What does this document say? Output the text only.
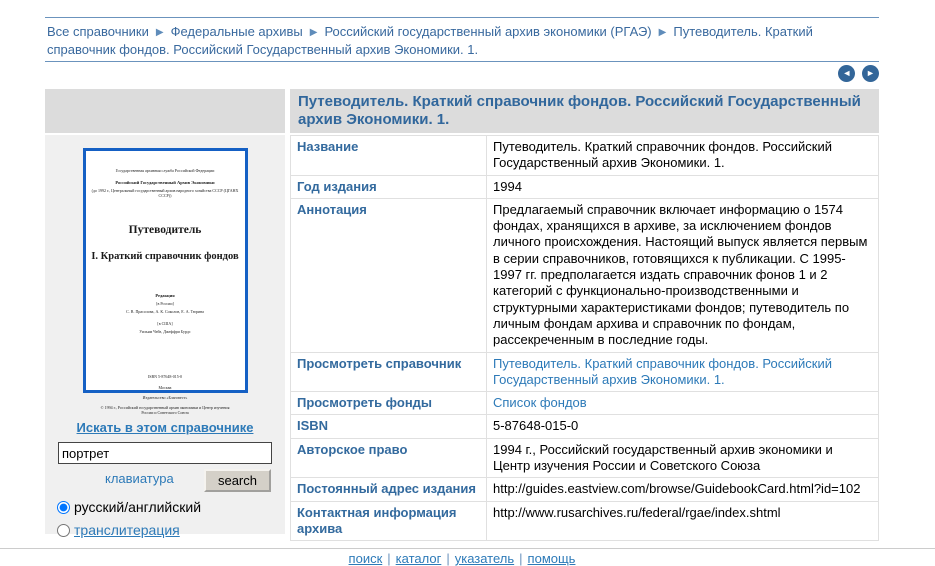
Все справочники ▶ Федеральные архивы ▶ Российский государственный архив экономики (РГАЭ) ▶ Путеводитель. Краткий справочник фондов. Российский Государственный архив Экономики. 1.
◄ ►
Государственная архивная служба Российской Федерации
Российский Государственный Архив Экономики
(до 1992 г., Центральный государственный архив народного хозяйства СССР (ЦГАНХ СССР))
Путеводитель
I. Краткий справочник фондов
Редакция
[в России]
С. В. Прасолова, А. К. Соколов, Е. А. Тюрина
[в США]
Уильям Чейз, Джеффри Бурдс
ISBN 5-87648-015-0
Москва
Издательство «Благовест»
© 1994 г., Российский государственный архив экономики и Центр изучения России и Советского Союза
Искать в этом справочнике
портрет
клавиатура	search
русский/английский
транслитерация
Путеводитель. Краткий справочник фондов. Российский Государственный архив Экономики. 1.
Название	Путеводитель. Краткий справочник фондов. Российский Государственный архив Экономики. 1.
Год издания	1994
Аннотация	Предлагаемый справочник включает информацию о 1574 фондах, хранящихся в архиве, за исключением фондов личного происхождения. Настоящий выпуск является первым в серии справочников, готовящихся к публикации. С 1995-1997 гг. предполагается издать справочник фонов 1 и 2 категорий с функционально-производственными и структурными характеристиками фондов; путеводитель по личным фондам архива и справочник по фондам, рассекреченным в последние годы.
Просмотреть справочник	Путеводитель. Краткий справочник фондов. Российский Государственный архив Экономики. 1.
Просмотреть фонды	Список фондов
ISBN	5-87648-015-0
Авторское право	1994 г., Российский государственный архив экономики и Центр изучения России и Советского Союза
Постоянный адрес издания	http://guides.eastview.com/browse/GuidebookCard.html?id=102
Контактная информация архива	http://www.rusarchives.ru/federal/rgae/index.shtml
поиск | каталог | указатель | помощь
